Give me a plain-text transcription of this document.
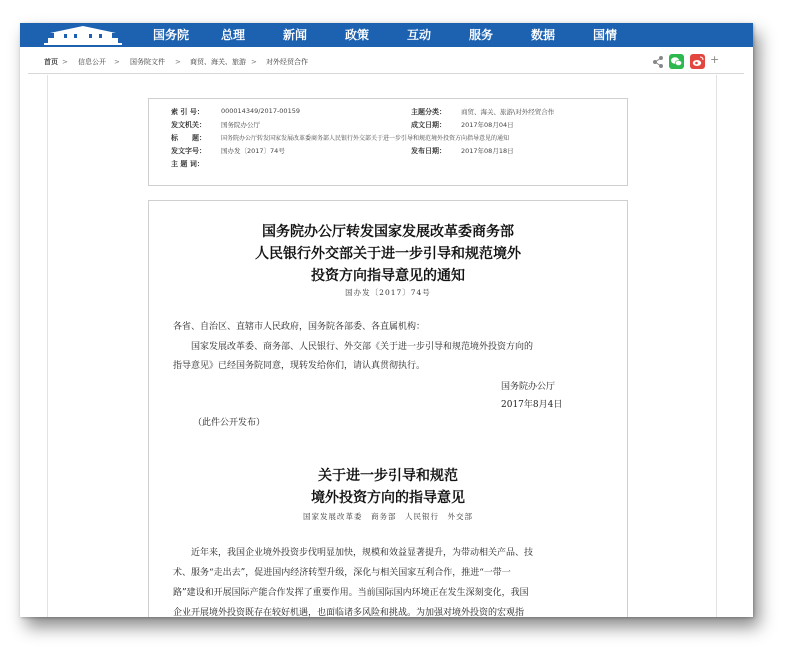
国务院	总理	新闻	政策	互动	服务	数据	国情
首页 > 信息公开 > 国务院文件 > 商贸、海关、旅游 > 对外经贸合作	+
索 引 号：	000014349/2017-00159	主题分类： 商贸、海关、旅游\对外经贸合作
发文机关： 国务院办公厅	成文日期： 2017年08月04日
标　　题：	国务院办公厅转发国家发展改革委商务部人民银行外交部关于进一步引导和规范境外投资方向指导意见的通知
发文字号： 国办发〔2017〕74号	发布日期： 2017年08月18日
主 题 词：
国务院办公厅转发国家发展改革委商务部
人民银行外交部关于进一步引导和规范境外
投资方向指导意见的通知
国办发〔2017〕74号
各省、自治区、直辖市人民政府，国务院各部委、各直属机构：
国家发展改革委、商务部、人民银行、外交部《关于进一步引导和规范境外投资方向的
指导意见》已经国务院同意，现转发给你们，请认真贯彻执行。
国务院办公厅
2017年8月4日
（此件公开发布）
关于进一步引导和规范
境外投资方向的指导意见
国家发展改革委　商务部　人民银行　外交部
近年来，我国企业境外投资步伐明显加快，规模和效益显著提升，为带动相关产品、技
术、服务“走出去”，促进国内经济转型升级，深化与相关国家互利合作，推进“一带一
路”建设和开展国际产能合作发挥了重要作用。当前国际国内环境正在发生深刻变化，我国
企业开展境外投资既存在较好机遇，也面临诸多风险和挑战。为加强对境外投资的宏观指
